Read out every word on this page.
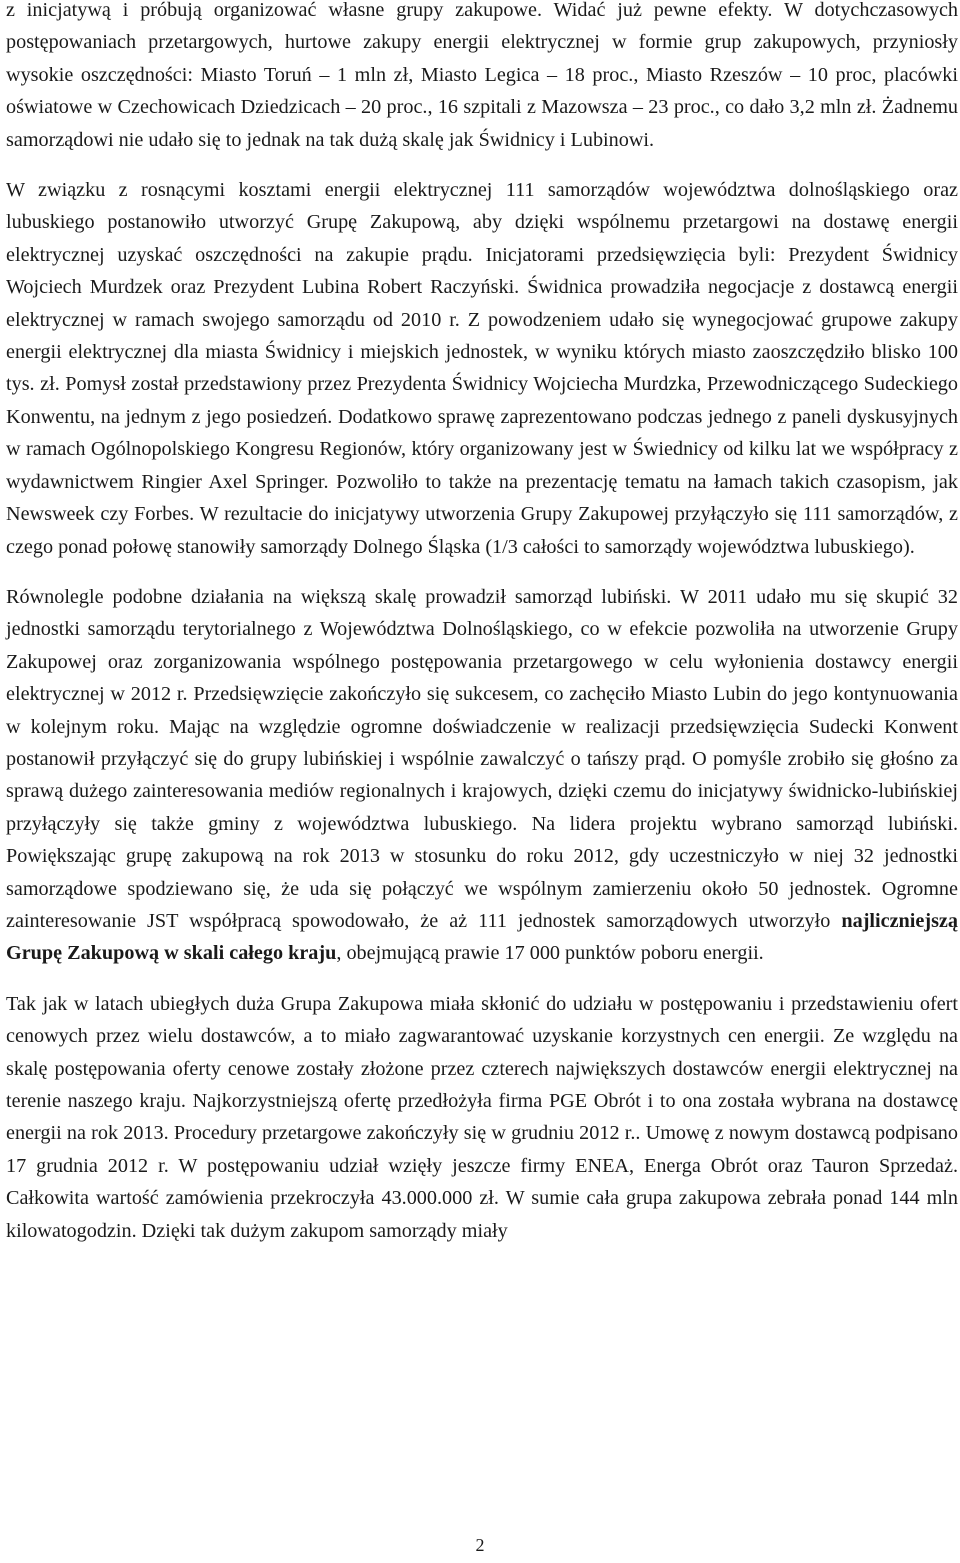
z inicjatywą i próbują organizować własne grupy zakupowe. Widać już pewne efekty. W dotychczasowych postępowaniach przetargowych, hurtowe zakupy energii elektrycznej w formie grup zakupowych, przyniosły wysokie oszczędności: Miasto Toruń – 1 mln zł, Miasto Legica – 18 proc., Miasto Rzeszów – 10 proc, placówki oświatowe w Czechowicach Dziedzicach – 20 proc., 16 szpitali z Mazowsza – 23 proc., co dało 3,2 mln zł. Żadnemu samorządowi nie udało się to jednak na tak dużą skalę jak Świdnicy i Lubinowi.

W związku z rosnącymi kosztami energii elektrycznej 111 samorządów województwa dolnośląskiego oraz lubuskiego postanowiło utworzyć Grupę Zakupową, aby dzięki wspólnemu przetargowi na dostawę energii elektrycznej uzyskać oszczędności na zakupie prądu. Inicjatorami przedsięwzięcia byli: Prezydent Świdnicy Wojciech Murdzek oraz Prezydent Lubina Robert Raczyński. Świdnica prowadziła negocjacje z dostawcą energii elektrycznej w ramach swojego samorządu od 2010 r. Z powodzeniem udało się wynegocjować grupowe zakupy energii elektrycznej dla miasta Świdnicy i miejskich jednostek, w wyniku których miasto zaoszczędziło blisko 100 tys. zł. Pomysł został przedstawiony przez Prezydenta Świdnicy Wojciecha Murdzka, Przewodniczącego Sudeckiego Konwentu, na jednym z jego posiedzeń. Dodatkowo sprawę zaprezentowano podczas jednego z paneli dyskusyjnych w ramach Ogólnopolskiego Kongresu Regionów, który organizowany jest w Świednicy od kilku lat we współpracy z wydawnictwem Ringier Axel Springer. Pozwoliło to także na prezentację tematu na łamach takich czasopism, jak Newsweek czy Forbes. W rezultacie do inicjatywy utworzenia Grupy Zakupowej przyłączyło się 111 samorządów, z czego ponad połowę stanowiły samorządy Dolnego Śląska (1/3 całości to samorządy województwa lubuskiego).

Równolegle podobne działania na większą skalę prowadził samorząd lubiński. W 2011 udało mu się skupić 32 jednostki samorządu terytorialnego z Województwa Dolnośląskiego, co w efekcie pozwoliła na utworzenie Grupy Zakupowej oraz zorganizowania wspólnego postępowania przetargowego w celu wyłonienia dostawcy energii elektrycznej w 2012 r. Przedsięwzięcie zakończyło się sukcesem, co zachęciło Miasto Lubin do jego kontynuowania w kolejnym roku. Mając na względzie ogromne doświadczenie w realizacji przedsięwzięcia Sudecki Konwent postanowił przyłączyć się do grupy lubińskiej i wspólnie zawalczyć o tańszy prąd. O pomyśle zrobiło się głośno za sprawą dużego zainteresowania mediów regionalnych i krajowych, dzięki czemu do inicjatywy świdnicko-lubińskiej przyłączyły się także gminy z województwa lubuskiego. Na lidera projektu wybrano samorząd lubiński. Powiększając grupę zakupową na rok 2013 w stosunku do roku 2012, gdy uczestniczyło w niej 32 jednostki samorządowe spodziewano się, że uda się połączyć we wspólnym zamierzeniu około 50 jednostek. Ogromne zainteresowanie JST współpracą spowodowało, że aż 111 jednostek samorządowych utworzyło najliczniejszą Grupę Zakupową w skali całego kraju, obejmującą prawie 17 000 punktów poboru energii.

Tak jak w latach ubiegłych duża Grupa Zakupowa miała skłonić do udziału w postępowaniu i przedstawieniu ofert cenowych przez wielu dostawców, a to miało zagwarantować uzyskanie korzystnych cen energii. Ze względu na skalę postępowania oferty cenowe zostały złożone przez czterech największych dostawców energii elektrycznej na terenie naszego kraju. Najkorzystniejszą ofertę przedłożyła firma PGE Obrót i to ona została wybrana na dostawcę energii na rok 2013. Procedury przetargowe zakończyły się w grudniu 2012 r.. Umowę z nowym dostawcą podpisano 17 grudnia 2012 r. W postępowaniu udział wzięły jeszcze firmy ENEA, Energa Obrót oraz Tauron Sprzedaż. Całkowita wartość zamówienia przekroczyła 43.000.000 zł. W sumie cała grupa zakupowa zebrała ponad 144 mln kilowatogodzin. Dzięki tak dużym zakupom samorządy miały

2
